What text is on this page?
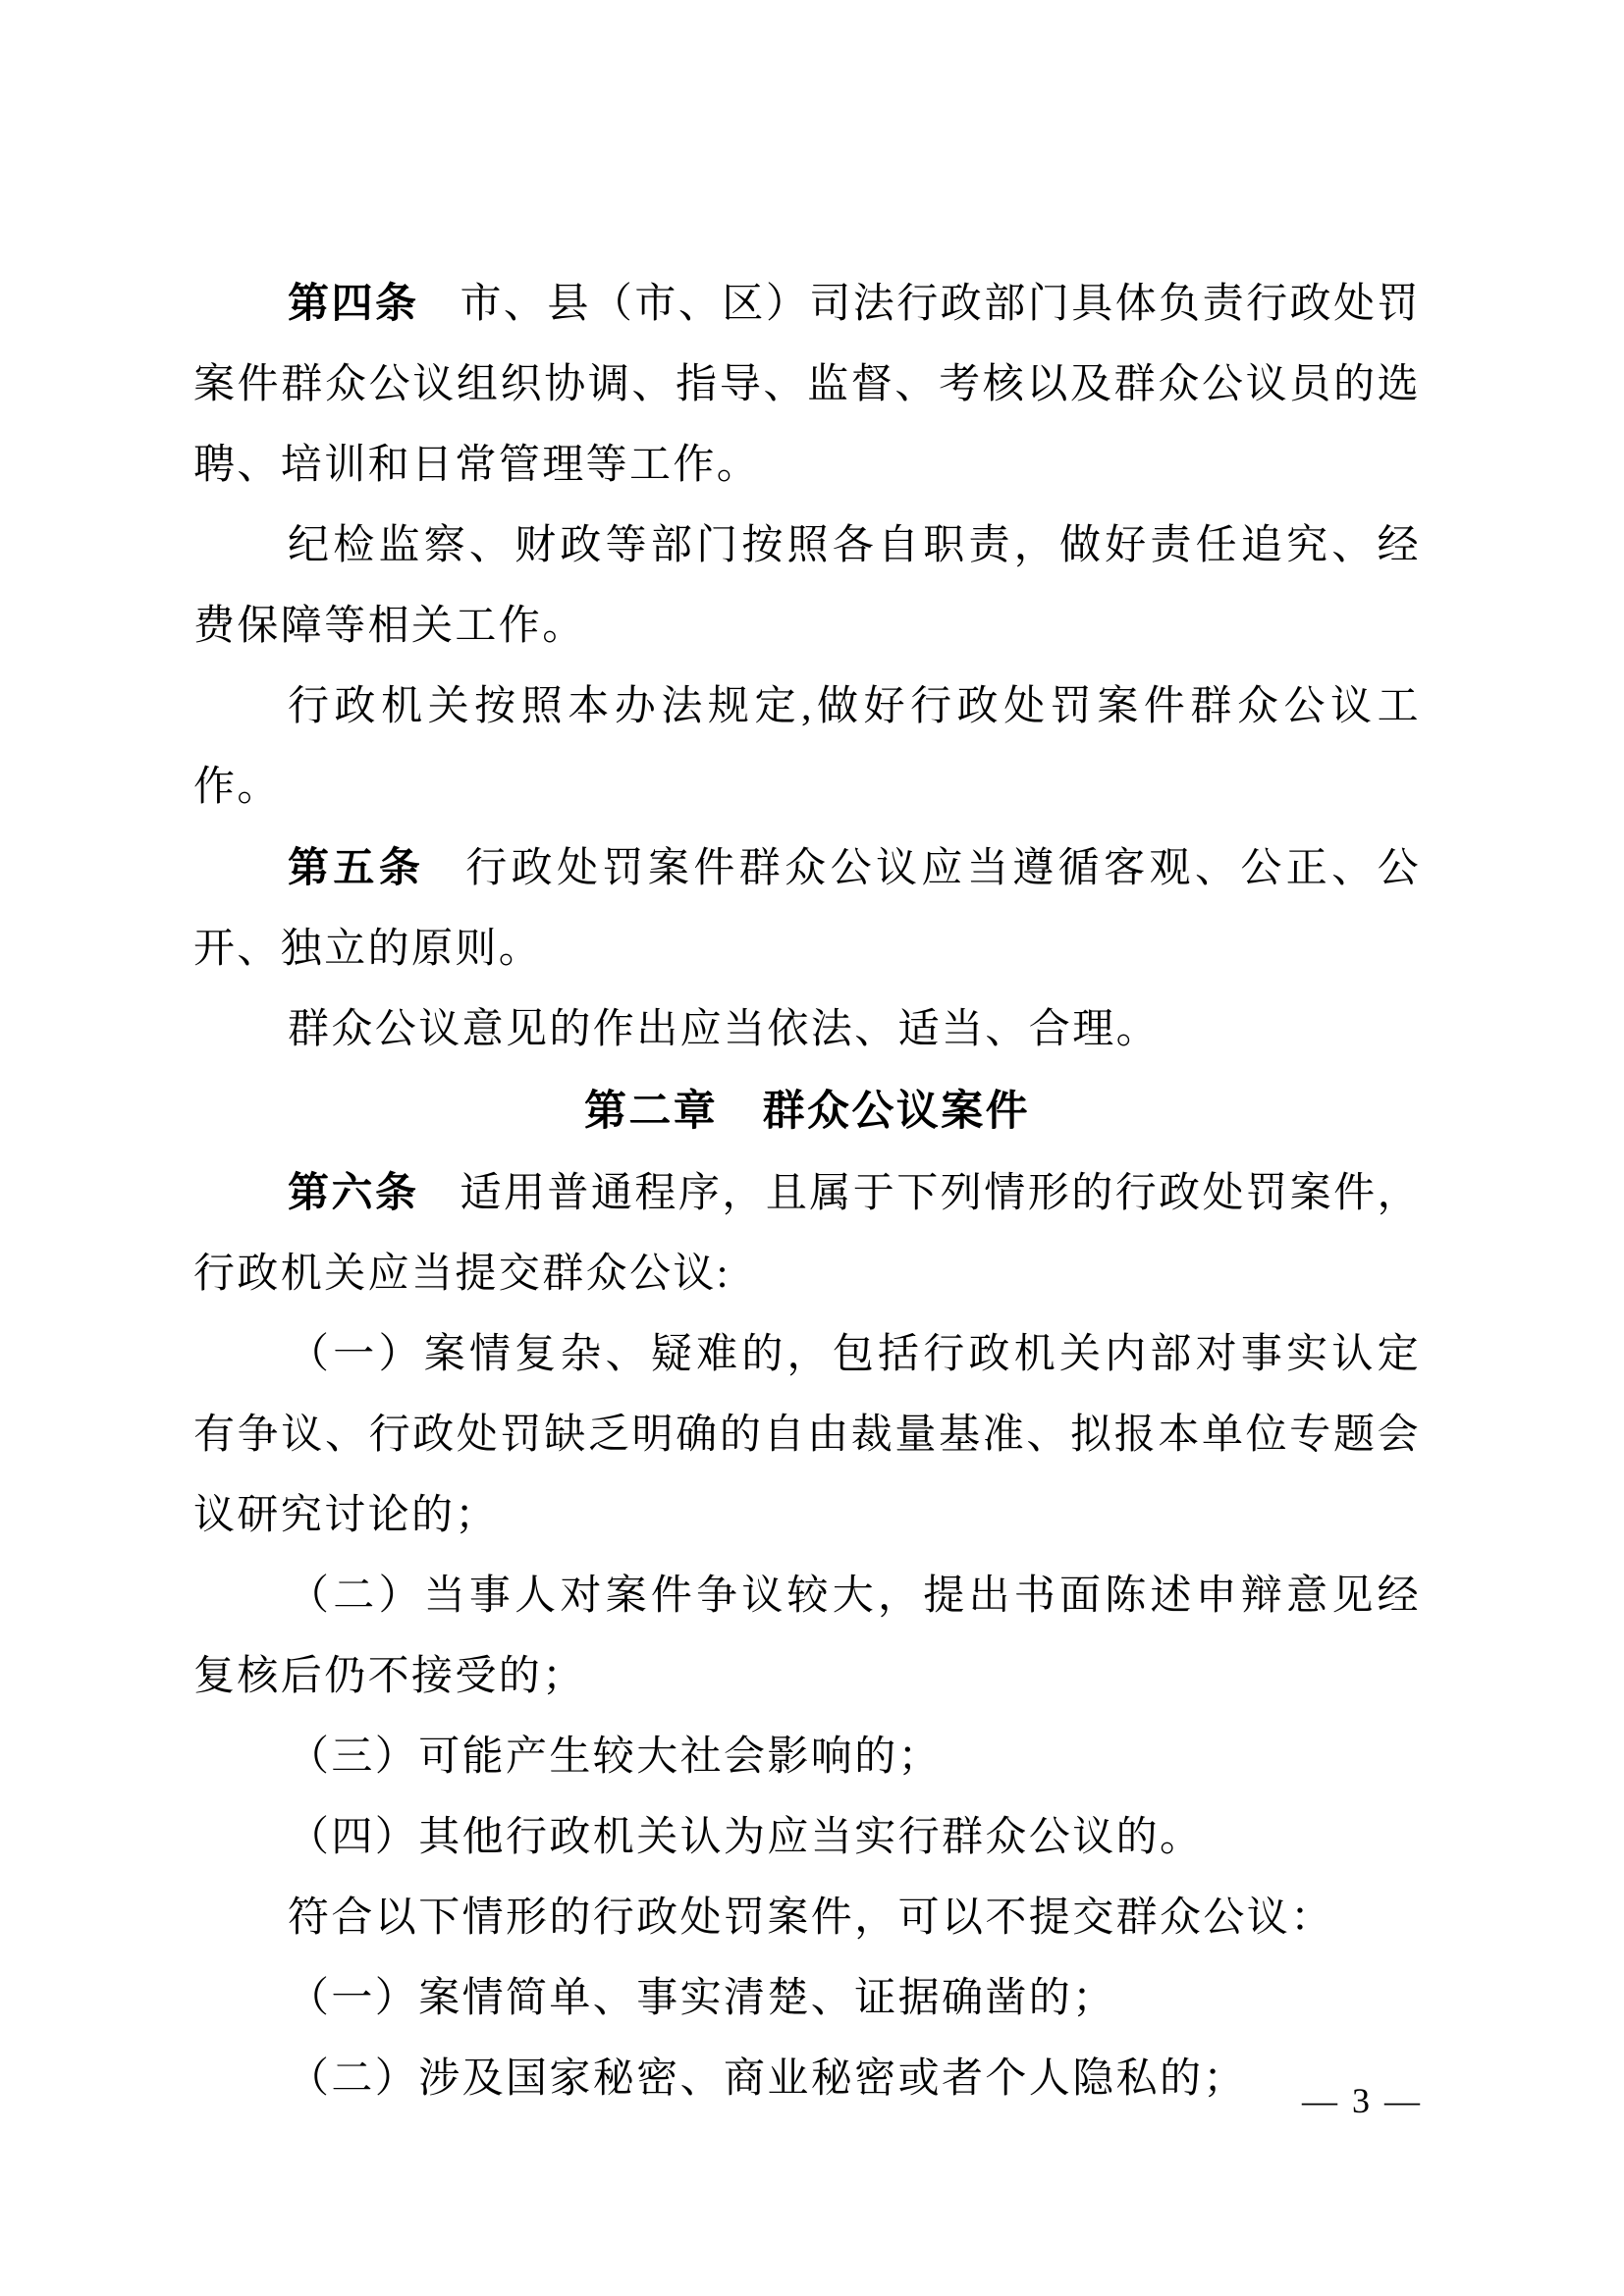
第四条 市、县（市、区）司法行政部门具体负责行政处罚案件群众公议组织协调、指导、监督、考核以及群众公议员的选聘、培训和日常管理等工作。

纪检监察、财政等部门按照各自职责，做好责任追究、经费保障等相关工作。

行政机关按照本办法规定,做好行政处罚案件群众公议工作。

第五条 行政处罚案件群众公议应当遵循客观、公正、公开、独立的原则。

群众公议意见的作出应当依法、适当、合理。

第二章　群众公议案件

第六条 适用普通程序，且属于下列情形的行政处罚案件，行政机关应当提交群众公议:

（一）案情复杂、疑难的，包括行政机关内部对事实认定有争议、行政处罚缺乏明确的自由裁量基准、拟报本单位专题会议研究讨论的；

（二）当事人对案件争议较大，提出书面陈述申辩意见经复核后仍不接受的；

（三）可能产生较大社会影响的；

（四）其他行政机关认为应当实行群众公议的。

符合以下情形的行政处罚案件，可以不提交群众公议：

（一）案情简单、事实清楚、证据确凿的；

（二）涉及国家秘密、商业秘密或者个人隐私的；	— 3 —
